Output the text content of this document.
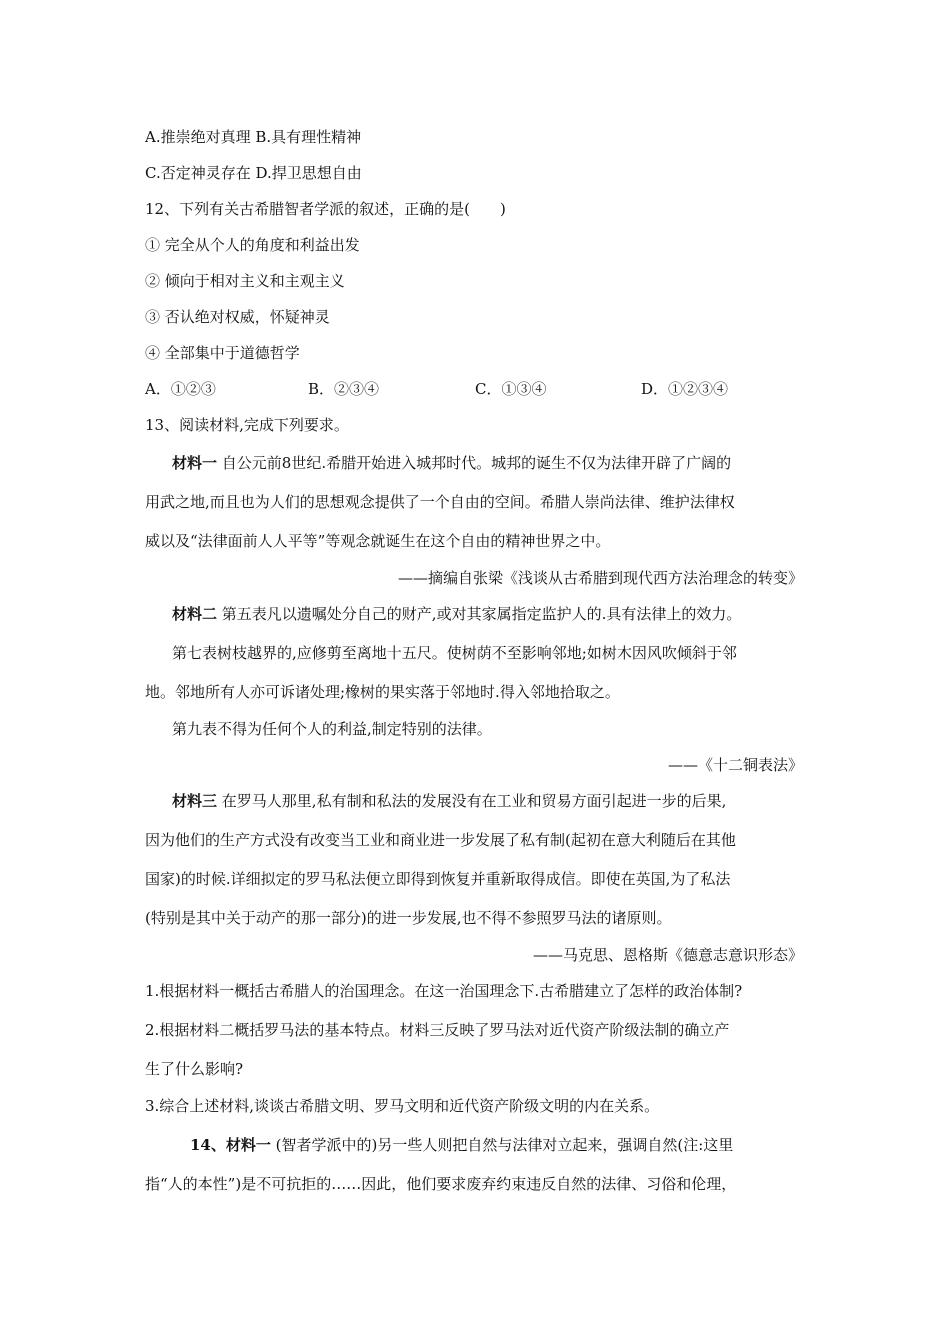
A.推崇绝对真理 B.具有理性精神
C.否定神灵存在 D.捍卫思想自由
12、下列有关古希腊智者学派的叙述，正确的是(　　)
① 完全从个人的角度和利益出发
② 倾向于相对主义和主观主义
③ 否认绝对权威，怀疑神灵
④ 全部集中于道德哲学
A．①②③	B．②③④	C．①③④	D．①②③④
13、阅读材料,完成下列要求。
材料一 自公元前8世纪.希腊开始进入城邦时代。城邦的诞生不仅为法律开辟了广阔的
用武之地,而且也为人们的思想观念提供了一个自由的空间。希腊人崇尚法律、维护法律权
威以及“法律面前人人平等”等观念就诞生在这个自由的精神世界之中。
——摘编自张梁《浅谈从古希腊到现代西方法治理念的转变》
材料二 第五表凡以遗嘱处分自己的财产,或对其家属指定监护人的.具有法律上的效力。
第七表树枝越界的,应修剪至离地十五尺。使树荫不至影响邻地;如树木因风吹倾斜于邻
地。邻地所有人亦可诉诸处理;橡树的果实落于邻地时.得入邻地拾取之。
第九表不得为任何个人的利益,制定特别的法律。
——《十二铜表法》
材料三 在罗马人那里,私有制和私法的发展没有在工业和贸易方面引起进一步的后果,
因为他们的生产方式没有改变当工业和商业进一步发展了私有制(起初在意大利随后在其他
国家)的时候.详细拟定的罗马私法便立即得到恢复并重新取得成信。即使在英国,为了私法
(特别是其中关于动产的那一部分)的进一步发展,也不得不参照罗马法的诸原则。
——马克思、恩格斯《德意志意识形态》
1.根据材料一概括古希腊人的治国理念。在这一治国理念下.古希腊建立了怎样的政治体制?
2.根据材料二概括罗马法的基本特点。材料三反映了罗马法对近代资产阶级法制的确立产
生了什么影响?
3.综合上述材料,谈谈古希腊文明、罗马文明和近代资产阶级文明的内在关系。
14、材料一 (智者学派中的)另一些人则把自然与法律对立起来，强调自然(注:这里
指“人的本性”)是不可抗拒的……因此，他们要求废弃约束违反自然的法律、习俗和伦理，
